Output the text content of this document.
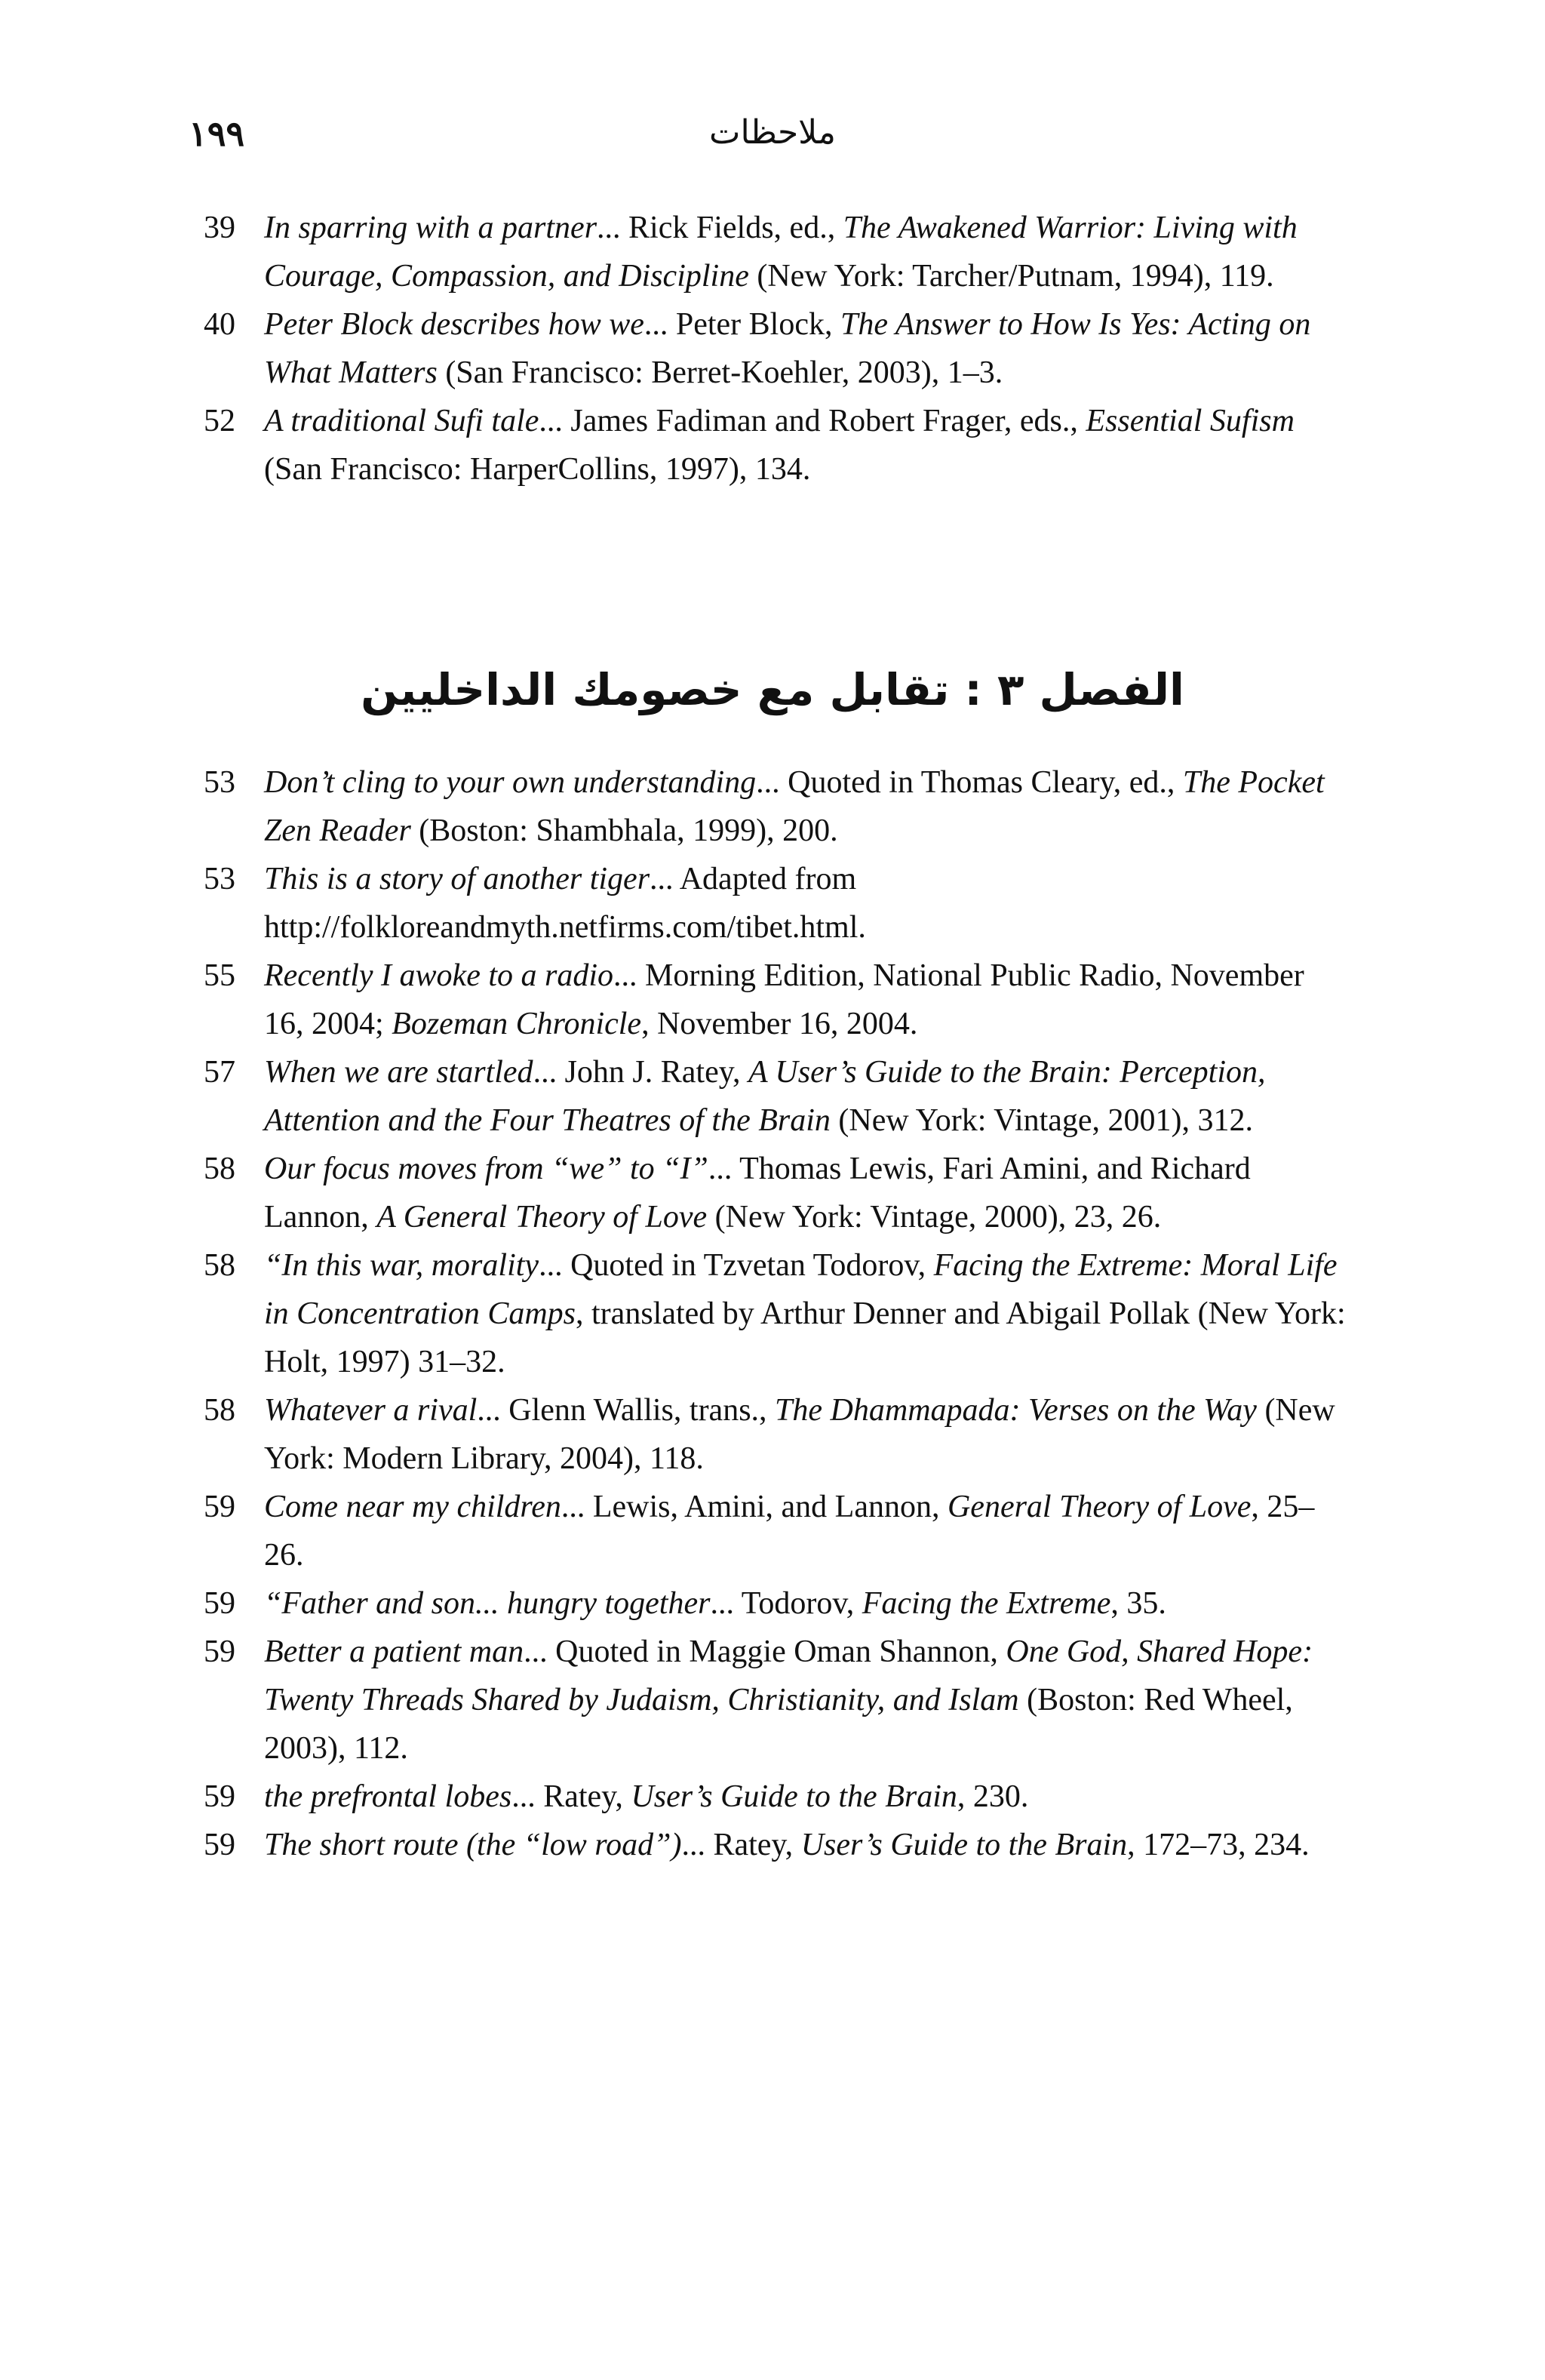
١٩٩	ملاحظات

39 In sparring with a partner... Rick Fields, ed., The Awakened Warrior: Living with Courage, Compassion, and Discipline (New York: Tarcher/Putnam, 1994), 119.

40 Peter Block describes how we... Peter Block, The Answer to How Is Yes: Acting on What Matters (San Francisco: Berret-Koehler, 2003), 1–3.

52 A traditional Sufi tale... James Fadiman and Robert Frager, eds., Essential Sufism (San Francisco: HarperCollins, 1997), 134.

الفصل ٣ : تقابل مع خصومك الداخليين

53 Don’t cling to your own understanding... Quoted in Thomas Cleary, ed., The Pocket Zen Reader (Boston: Shambhala, 1999), 200.

53 This is a story of another tiger... Adapted from http://folkloreandmyth.netfirms.com/tibet.html.

55 Recently I awoke to a radio... Morning Edition, National Public Radio, November 16, 2004; Bozeman Chronicle, November 16, 2004.

57 When we are startled... John J. Ratey, A User’s Guide to the Brain: Perception, Attention and the Four Theatres of the Brain (New York: Vintage, 2001), 312.

58 Our focus moves from “we” to “I”... Thomas Lewis, Fari Amini, and Richard Lannon, A General Theory of Love (New York: Vintage, 2000), 23, 26.

58 “In this war, morality... Quoted in Tzvetan Todorov, Facing the Extreme: Moral Life in Concentration Camps, translated by Arthur Denner and Abigail Pollak (New York: Holt, 1997) 31–32.

58 Whatever a rival... Glenn Wallis, trans., The Dhammapada: Verses on the Way (New York: Modern Library, 2004), 118.

59 Come near my children... Lewis, Amini, and Lannon, General Theory of Love, 25–26.

59 “Father and son... hungry together... Todorov, Facing the Extreme, 35.

59 Better a patient man... Quoted in Maggie Oman Shannon, One God, Shared Hope: Twenty Threads Shared by Judaism, Christianity, and Islam (Boston: Red Wheel, 2003), 112.

59 the prefrontal lobes... Ratey, User’s Guide to the Brain, 230.

59 The short route (the “low road”)... Ratey, User’s Guide to the Brain, 172–73, 234.
